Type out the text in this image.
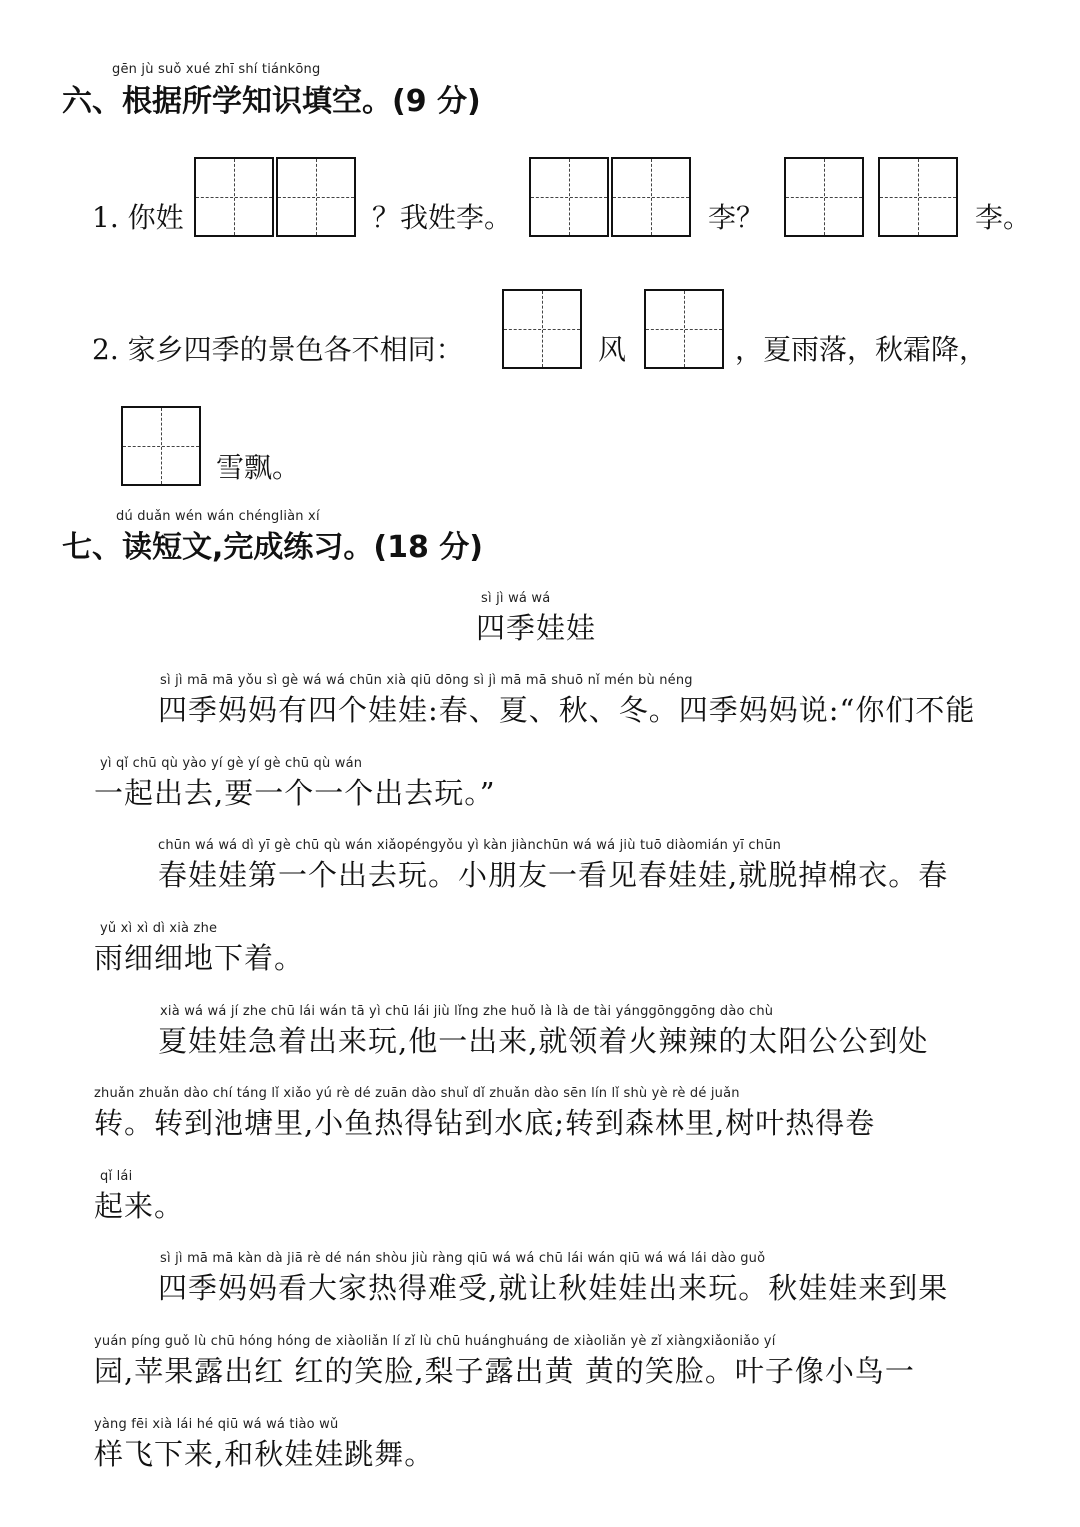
gēn jù suǒ xué zhī shí tiánkōng
六、根据所学知识填空。(9 分)
1. 你姓	？我姓李。	李？	李。
2. 家乡四季的景色各不相同：	风	，夏雨落，秋霜降，
雪飘。
dú duǎn wén wán chéngliàn xí
七、读短文,完成练习。(18 分)
sì jì wá wá
四季娃娃
sì jì mā mā yǒu sì gè wá wá chūn xià qiū dōng sì jì mā mā shuō nǐ mén bù néng
四季妈妈有四个娃娃:春、夏、秋、冬。四季妈妈说:“你们不能
yì qǐ chū qù yào yí gè yí gè chū qù wán
一起出去,要一个一个出去玩。”
chūn wá wá dì yī gè chū qù wán xiǎopéngyǒu yì kàn jiànchūn wá wá jiù tuō diàomián yī chūn
春娃娃第一个出去玩。小朋友一看见春娃娃,就脱掉棉衣。春
yǔ xì xì dì xià zhe
雨细细地下着。
xià wá wá jí zhe chū lái wán tā yì chū lái jiù lǐng zhe huǒ là là de tài yánggōnggōng dào chù
夏娃娃急着出来玩,他一出来,就领着火辣辣的太阳公公到处
zhuǎn zhuǎn dào chí táng lǐ xiǎo yú rè dé zuān dào shuǐ dǐ zhuǎn dào sēn lín lǐ shù yè rè dé juǎn
转。转到池塘里,小鱼热得钻到水底;转到森林里,树叶热得卷
qǐ lái
起来。
sì jì mā mā kàn dà jiā rè dé nán shòu jiù ràng qiū wá wá chū lái wán qiū wá wá lái dào guǒ
四季妈妈看大家热得难受,就让秋娃娃出来玩。秋娃娃来到果
yuán píng guǒ lù chū hóng hóng de xiàoliǎn lí zǐ lù chū huánghuáng de xiàoliǎn yè zǐ xiàngxiǎoniǎo yí
园,苹果露出红 红的笑脸,梨子露出黄 黄的笑脸。叶子像小鸟一
yàng fēi xià lái hé qiū wá wá tiào wǔ
样飞下来,和秋娃娃跳舞。
